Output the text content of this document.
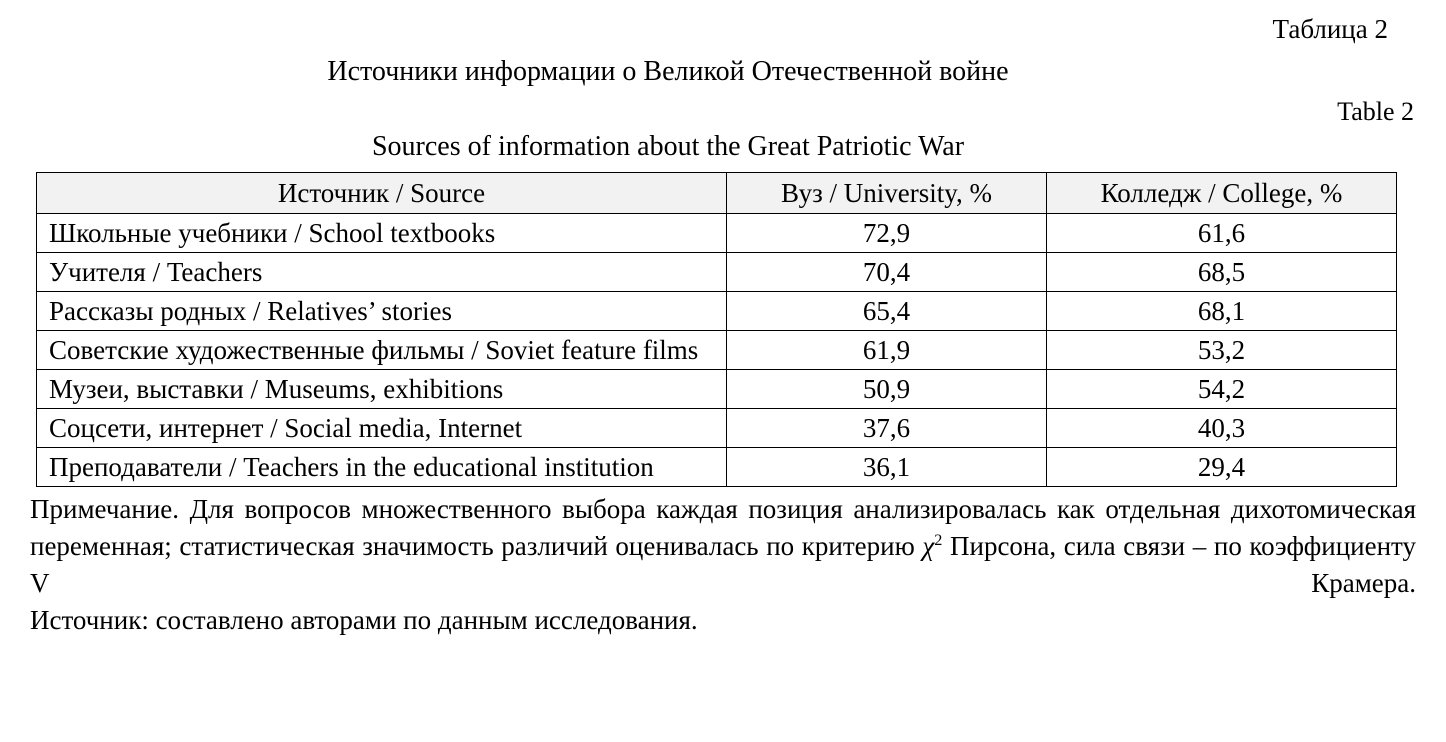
Таблица 2
Источники информации о Великой Отечественной войне
Table 2
Sources of information about the Great Patriotic War
Источник / Source	Вуз / University, %	Колледж / College, %
Школьные учебники / School textbooks	72,9	61,6
Учителя / Teachers	70,4	68,5
Рассказы родных / Relatives’ stories	65,4	68,1
Советские художественные фильмы / Soviet feature films	61,9	53,2
Музеи, выставки / Museums, exhibitions	50,9	54,2
Соцсети, интернет / Social media, Internet	37,6	40,3
Преподаватели / Teachers in the educational institution	36,1	29,4
Примечание. Для вопросов множественного выбора каждая позиция анализировалась как отдельная дихотомическая переменная; статистическая значимость различий оценивалась по критерию $\chi^2$ Пирсона, сила связи – по коэффициенту V Крамера.
Источник: составлено авторами по данным исследования.
